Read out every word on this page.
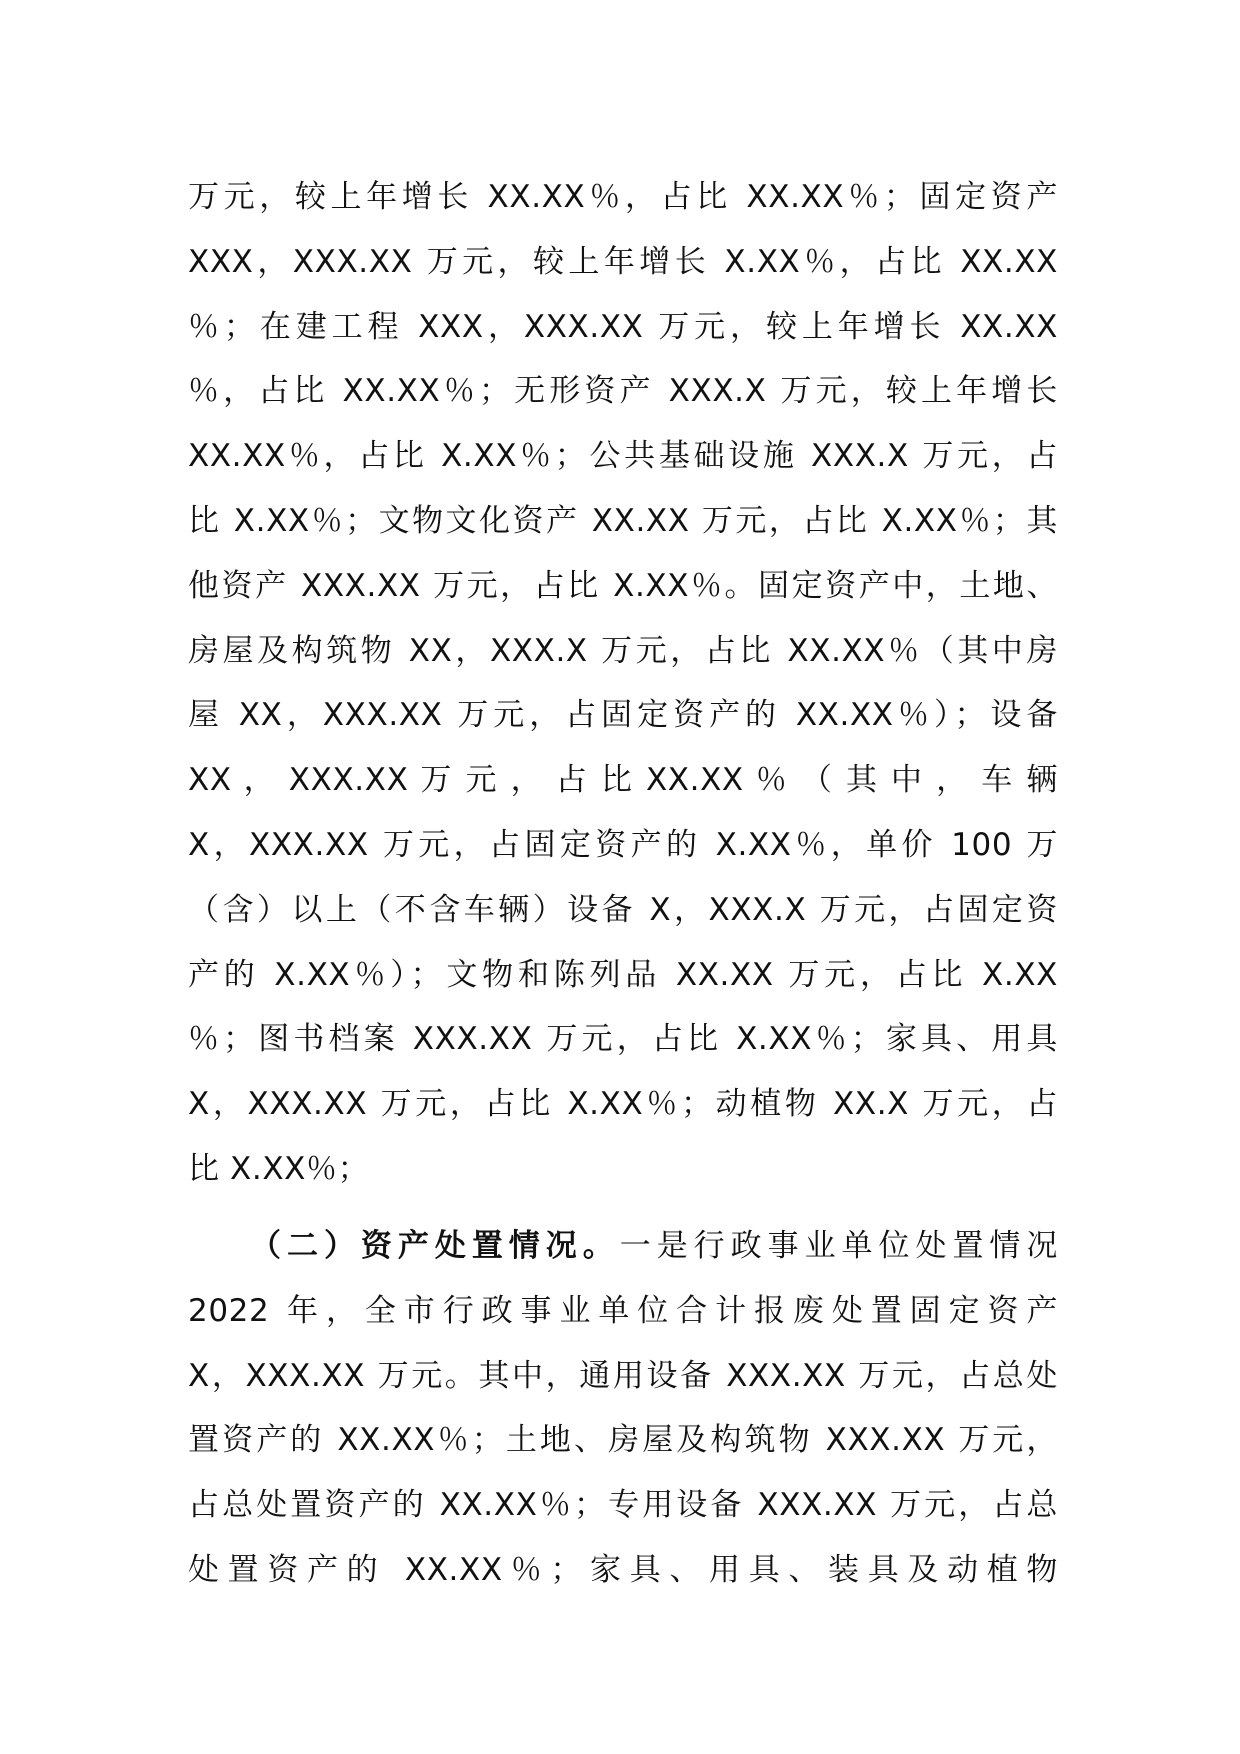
万元，较上年增长 XX.XX％，占比 XX.XX％；固定资产
XXX，XXX.XX 万元，较上年增长 X.XX％，占比 XX.XX
％；在建工程 XXX，XXX.XX 万元，较上年增长 XX.XX
％，占比 XX.XX％；无形资产 XXX.X 万元，较上年增长
XX.XX％，占比 X.XX％；公共基础设施 XXX.X 万元，占
比 X.XX％；文物文化资产 XX.XX 万元，占比 X.XX％；其
他资产 XXX.XX 万元，占比 X.XX％。固定资产中，土地、
房屋及构筑物 XX，XXX.X 万元，占比 XX.XX％（其中房
屋 XX，XXX.XX 万元，占固定资产的 XX.XX％）；设备
XX ， XXX.XX 万 元 ， 占 比 XX.XX ％ （ 其 中 ， 车 辆
X，XXX.XX 万元，占固定资产的 X.XX％，单价 100 万
（含）以上（不含车辆）设备 X，XXX.X 万元，占固定资
产的 X.XX％）；文物和陈列品 XX.XX 万元，占比 X.XX
％；图书档案 XXX.XX 万元，占比 X.XX％；家具、用具
X，XXX.XX 万元，占比 X.XX％；动植物 XX.X 万元，占
比 X.XX％；
（二）资产处置情况。一是行政事业单位处置情况
2022 年，全市行政事业单位合计报废处置固定资产
X，XXX.XX 万元。其中，通用设备 XXX.XX 万元，占总处
置资产的 XX.XX％；土地、房屋及构筑物 XXX.XX 万元，
占总处置资产的 XX.XX％；专用设备 XXX.XX 万元，占总
处置资产的 XX.XX％；家具、用具、装具及动植物
